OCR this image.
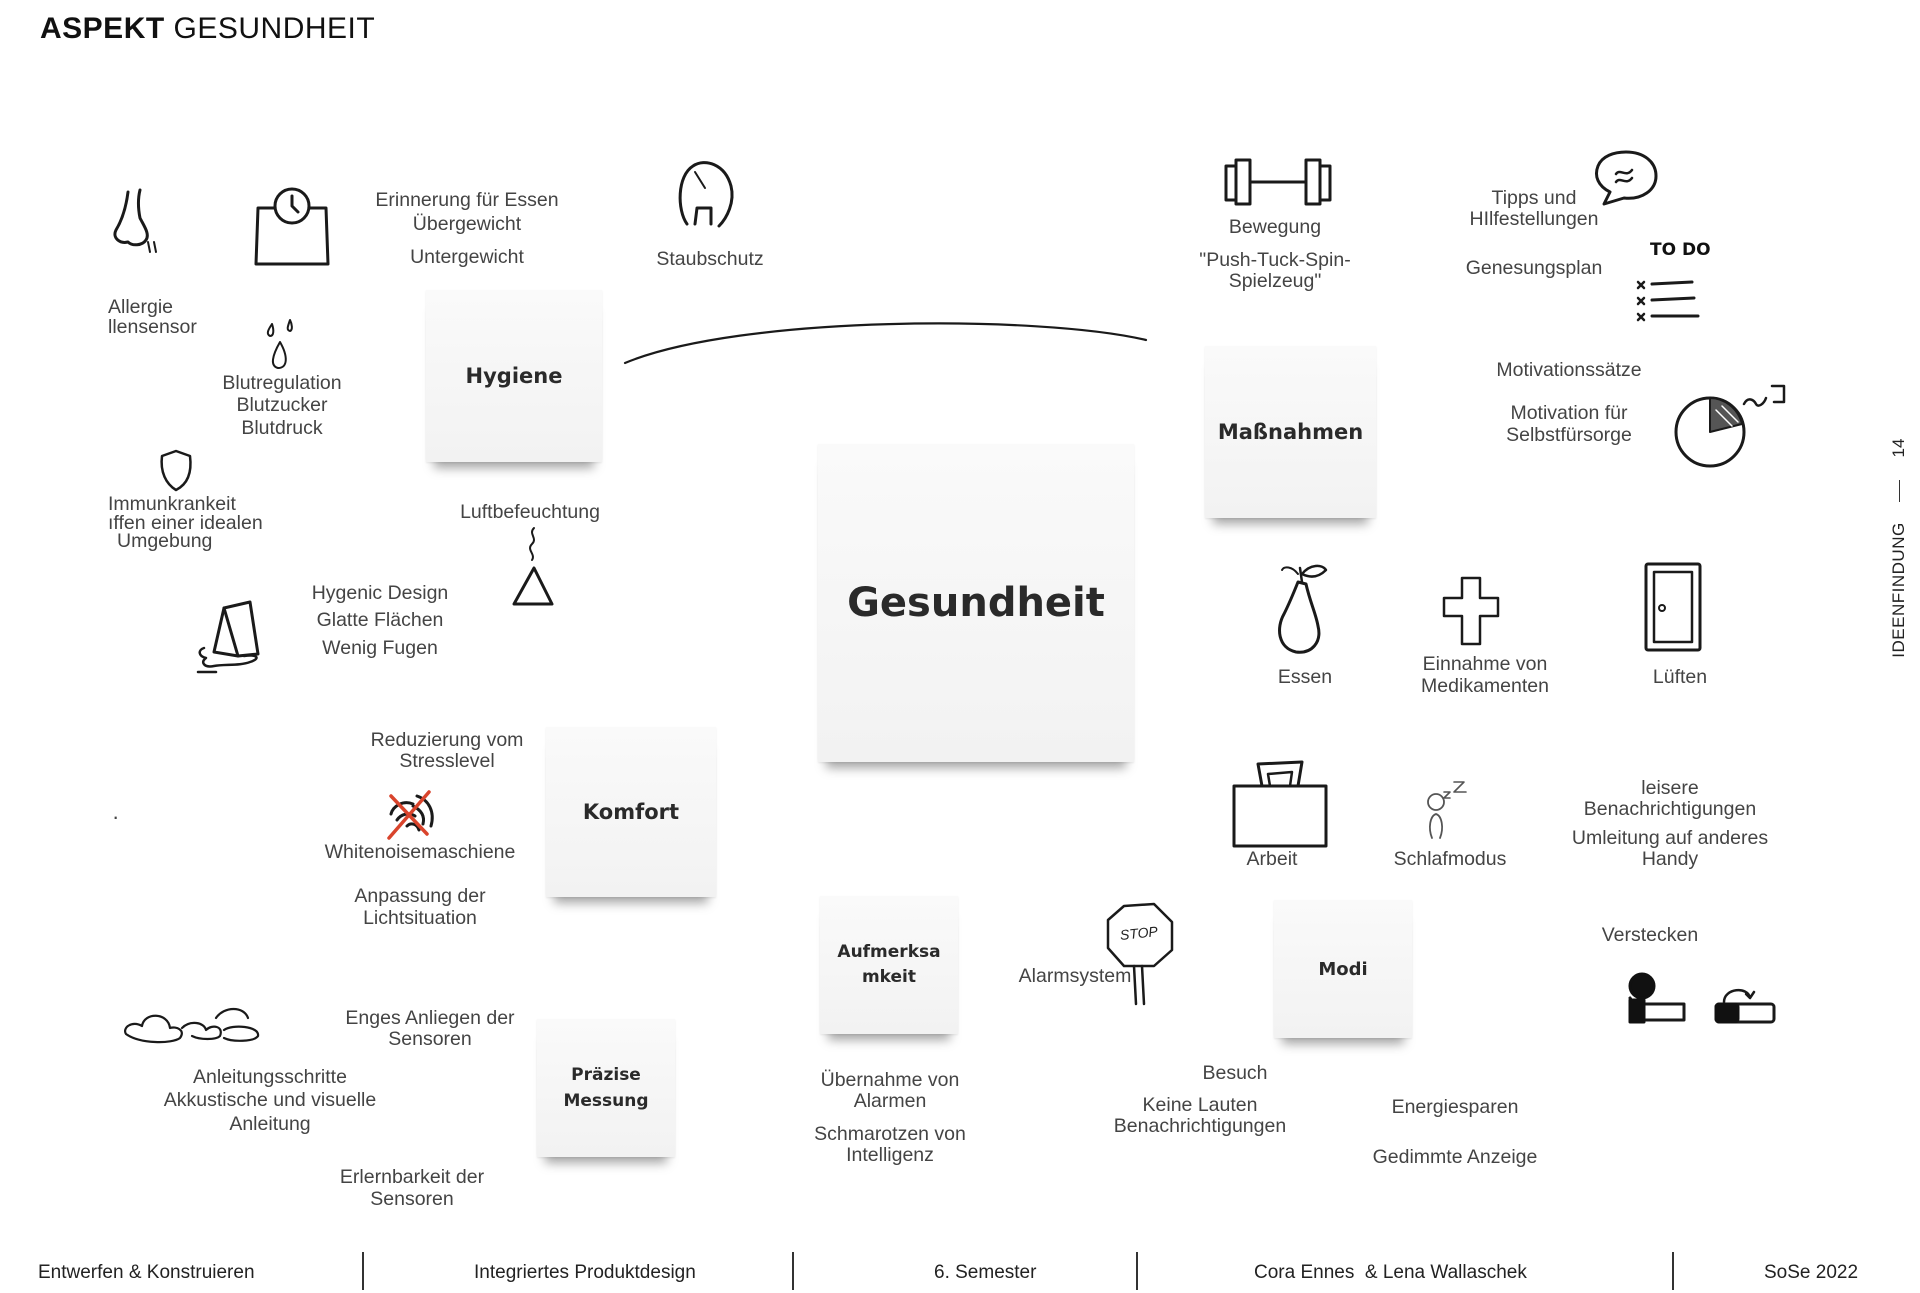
ASPEKT GESUNDHEIT
Hygiene
Maßnahmen
Gesundheit
Komfort
Aufmerksa
mkeit	Modi
Präzise
Messung
Erinnerung für Essen
Übergewicht
Untergewicht	Staubschutz
Allergie
llensensor
Blutregulation
Blutzucker
Blutdruck
Immunkrankeit
ıffen einer idealen
Umgebung
Luftbefeuchtung
Hygenic Design
Glatte Flächen
Wenig Fugen
Reduzierung vom
Stresslevel
Whitenoisemaschiene
Anpassung der
Lichtsituation
·
Enges Anliegen der
Sensoren
Anleitungsschritte
Akkustische und visuelle
Anleitung
Erlernbarkeit der
Sensoren
Bewegung
"Push-Tuck-Spin-
Spielzeug"
Tipps und
HIlfestellungen
Genesungsplan
Motivationssätze
Motivation für
Selbstfürsorge
Essen
Einnahme von
Medikamenten	Lüften
Arbeit	Schlafmodus
leisere
Benachrichtigungen
Umleitung auf anderes
Handy
Verstecken
Alarmsystem
Besuch
Keine Lauten
Benachrichtigungen
Energiesparen
Gedimmte Anzeige
Übernahme von
Alarmen
Schmarotzen von
Intelligenz
TO DO
STOP
14
IDEENFINDUNG
Entwerfen & Konstruieren	Integriertes Produktdesign	6. Semester	Cora Ennes  & Lena Wallaschek	SoSe 2022
